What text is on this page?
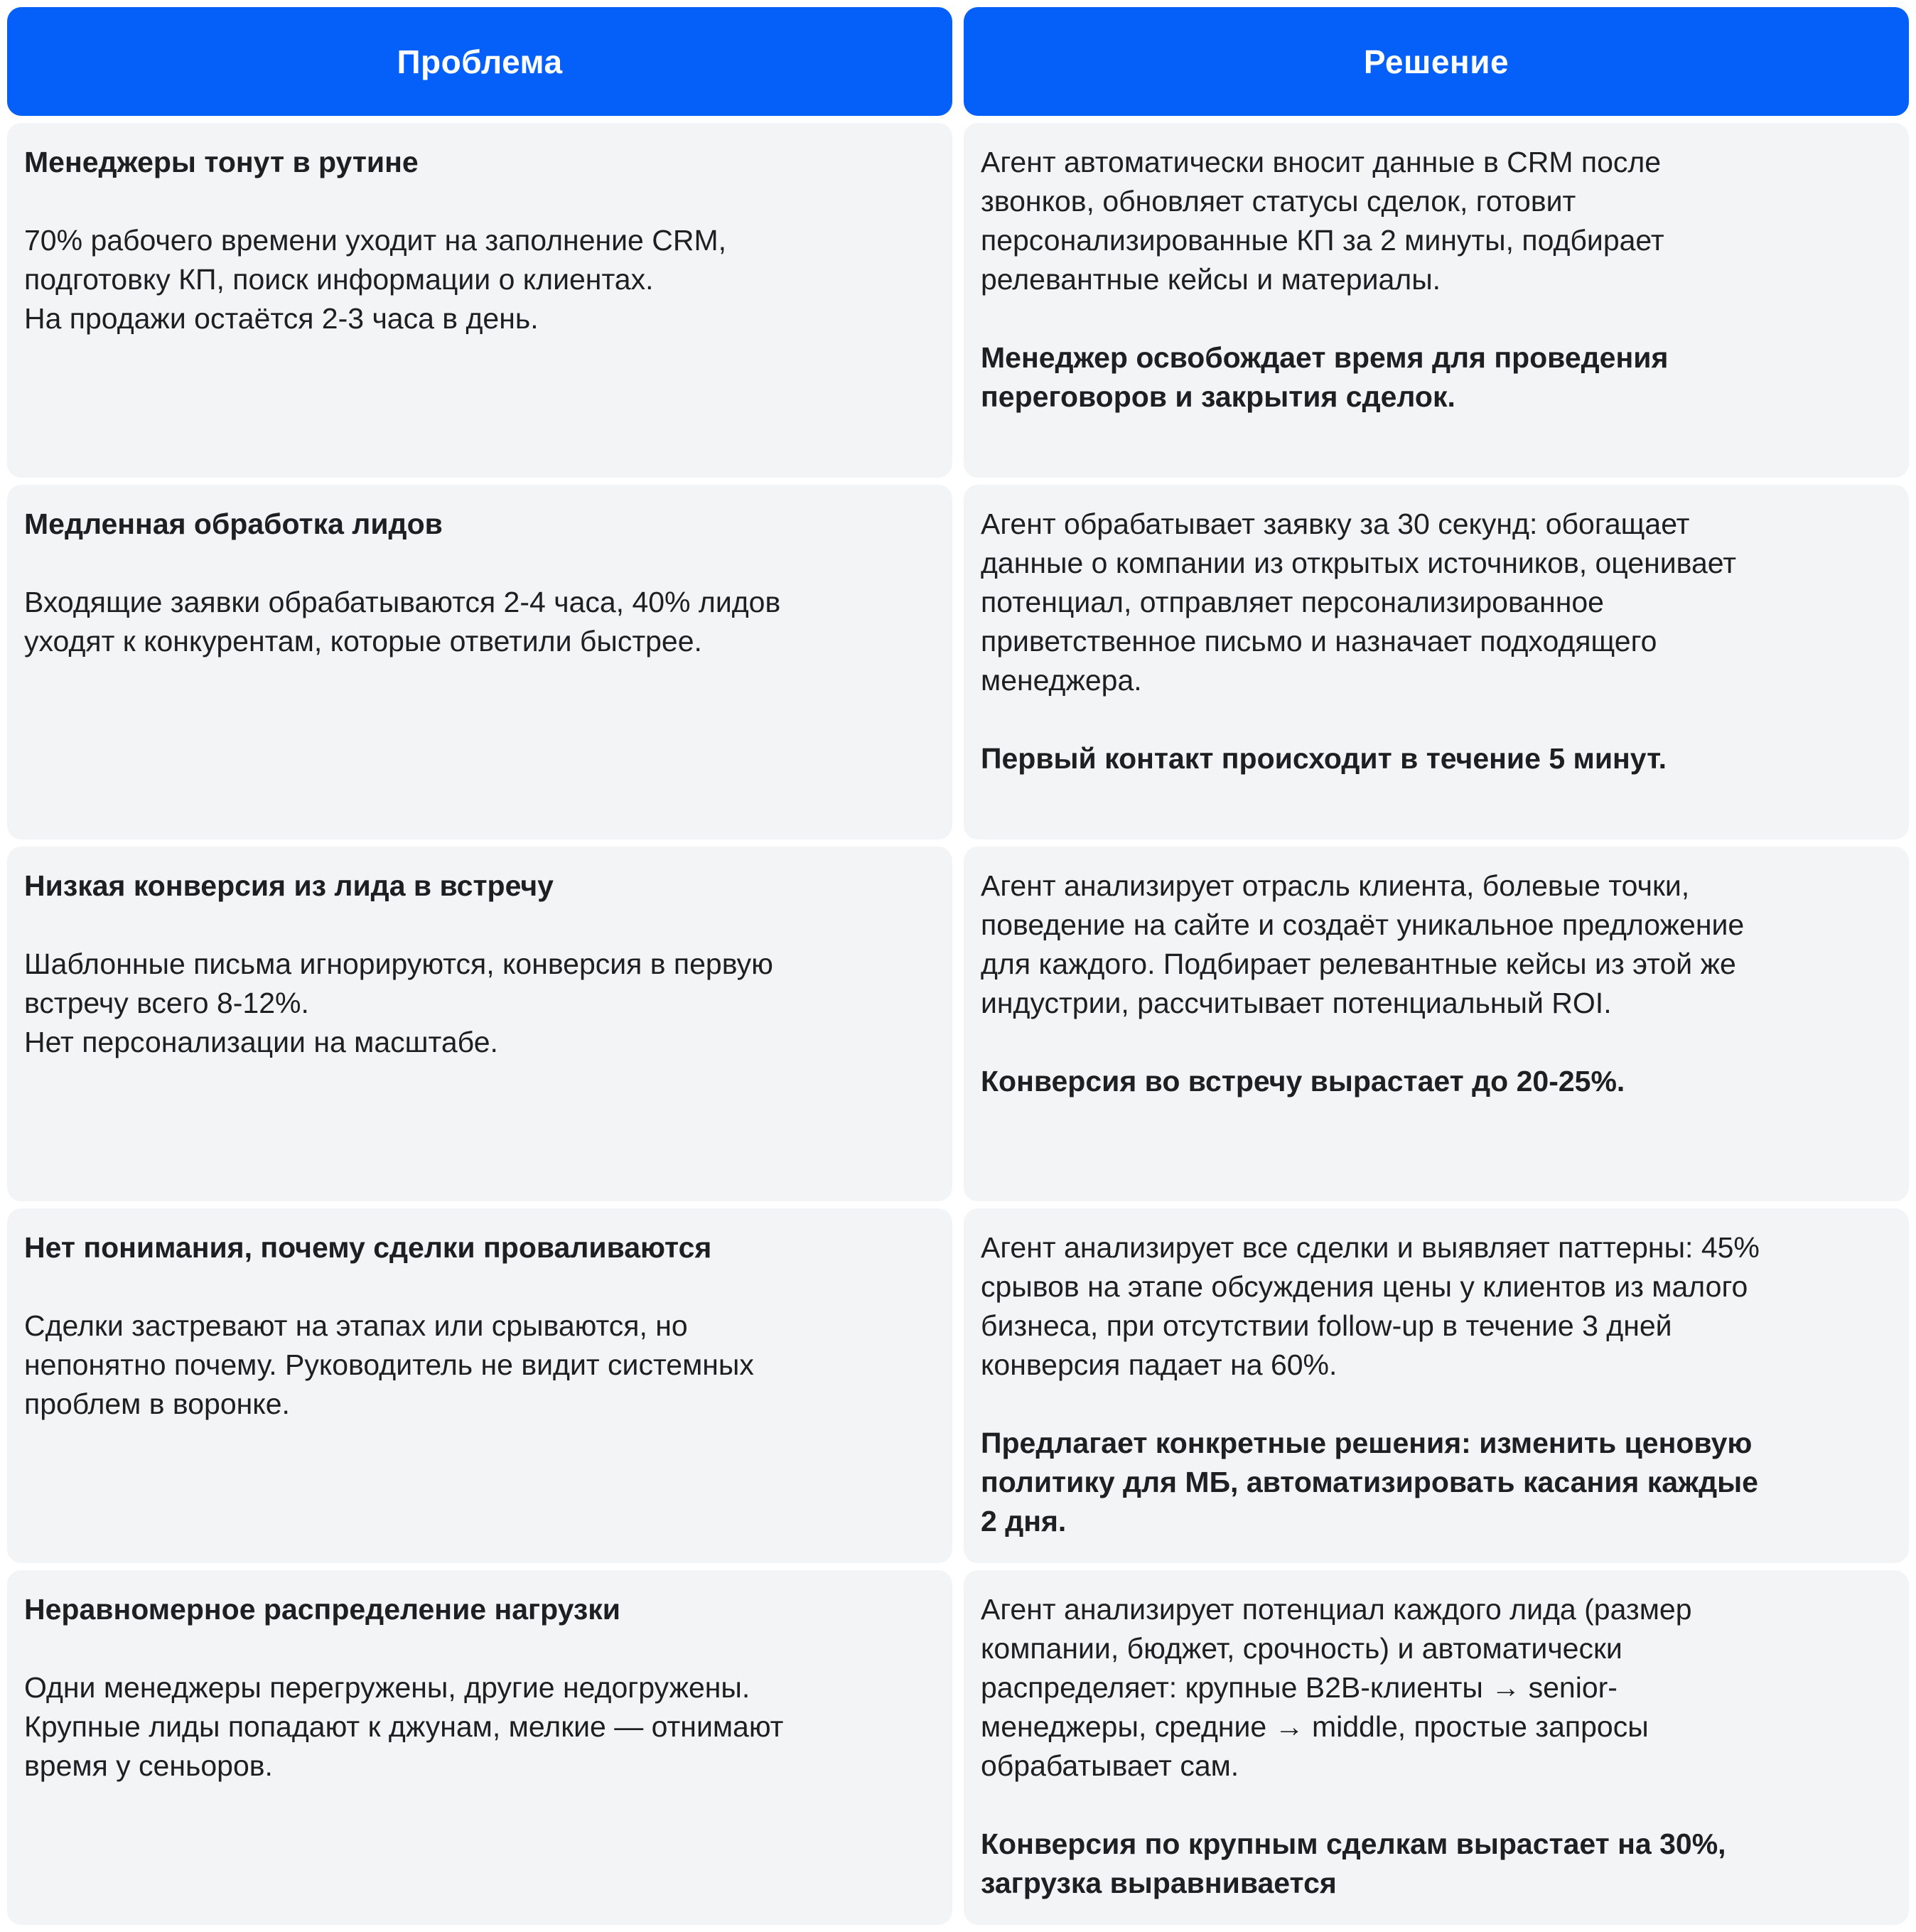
Проблема	Решение

Менеджеры тонут в рутине

70% рабочего времени уходит на заполнение CRM,
подготовку КП, поиск информации о клиентах.
На продажи остаётся 2-3 часа в день.

Агент автоматически вносит данные в CRM после
звонков, обновляет статусы сделок, готовит
персонализированные КП за 2 минуты, подбирает
релевантные кейсы и материалы.

Менеджер освобождает время для проведения
переговоров и закрытия сделок.

Медленная обработка лидов

Входящие заявки обрабатываются 2-4 часа, 40% лидов
уходят к конкурентам, которые ответили быстрее.

Агент обрабатывает заявку за 30 секунд: обогащает
данные о компании из открытых источников, оценивает
потенциал, отправляет персонализированное
приветственное письмо и назначает подходящего
менеджера.

Первый контакт происходит в течение 5 минут.

Низкая конверсия из лида в встречу

Шаблонные письма игнорируются, конверсия в первую
встречу всего 8-12%.
Нет персонализации на масштабе.

Агент анализирует отрасль клиента, болевые точки,
поведение на сайте и создаёт уникальное предложение
для каждого. Подбирает релевантные кейсы из этой же
индустрии, рассчитывает потенциальный ROI.

Конверсия во встречу вырастает до 20-25%.

Нет понимания, почему сделки проваливаются

Сделки застревают на этапах или срываются, но
непонятно почему. Руководитель не видит системных
проблем в воронке.

Агент анализирует все сделки и выявляет паттерны: 45%
срывов на этапе обсуждения цены у клиентов из малого
бизнеса, при отсутствии follow-up в течение 3 дней
конверсия падает на 60%.

Предлагает конкретные решения: изменить ценовую
политику для МБ, автоматизировать касания каждые
2 дня.

Неравномерное распределение нагрузки

Одни менеджеры перегружены, другие недогружены.
Крупные лиды попадают к джунам, мелкие — отнимают
время у сеньоров.

Агент анализирует потенциал каждого лида (размер
компании, бюджет, срочность) и автоматически
распределяет: крупные B2B-клиенты → senior-
менеджеры, средние → middle, простые запросы
обрабатывает сам.

Конверсия по крупным сделкам вырастает на 30%,
загрузка выравнивается
